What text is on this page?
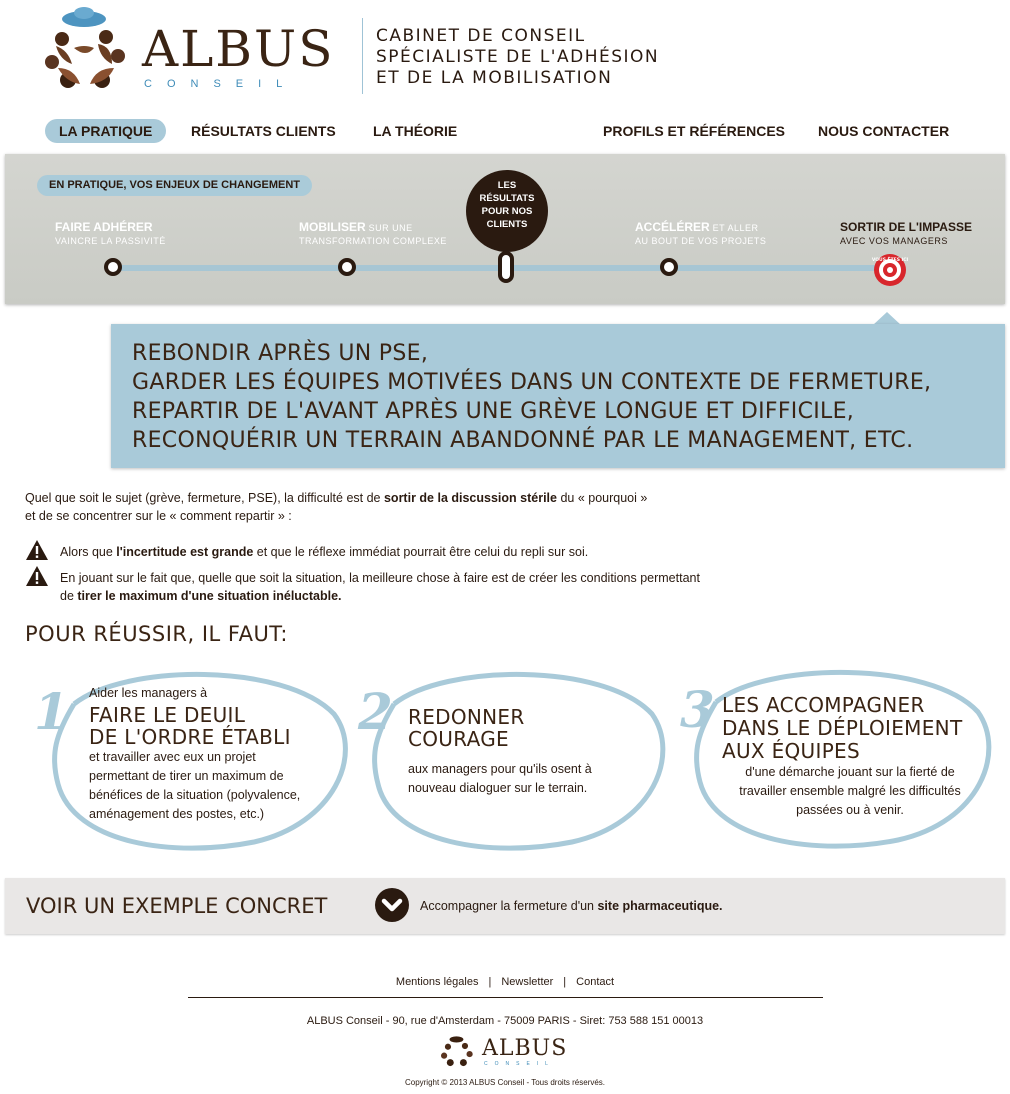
ALBUS
CONSEIL
CABINET DE CONSEIL
SPÉCIALISTE DE L'ADHÉSION
ET DE LA MOBILISATION
LA PRATIQUE	RÉSULTATS CLIENTS	LA THÉORIE	PROFILS ET RÉFÉRENCES NOUS CONTACTER
EN PRATIQUE, VOS ENJEUX DE CHANGEMENT
FAIRE ADHÉRER
VAINCRE LA PASSIVITÉ
MOBILISER SUR UNE
TRANSFORMATION COMPLEXE
LES
RÉSULTATS
POUR NOS
CLIENTS	ACCÉLÉRER ET ALLER
AU BOUT DE VOS PROJETS
SORTIR DE L'IMPASSE
AVEC VOS MANAGERS
VOUS ÊTES ICI
REBONDIR APRÈS UN PSE,
GARDER LES ÉQUIPES MOTIVÉES DANS UN CONTEXTE DE FERMETURE,
REPARTIR DE L'AVANT APRÈS UNE GRÈVE LONGUE ET DIFFICILE,
RECONQUÉRIR UN TERRAIN ABANDONNÉ PAR LE MANAGEMENT, ETC.
Quel que soit le sujet (grève, fermeture, PSE), la difficulté est de sortir de la discussion stérile du « pourquoi »
et de se concentrer sur le « comment repartir » :
Alors que l'incertitude est grande et que le réflexe immédiat pourrait être celui du repli sur soi.
En jouant sur le fait que, quelle que soit la situation, la meilleure chose à faire est de créer les conditions permettant de tirer le maximum d'une situation inéluctable.
POUR RÉUSSIR, IL FAUT:
1 Aider les managers à
FAIRE LE DEUIL
DE L'ORDRE ÉTABLI
et travailler avec eux un projet
permettant de tirer un maximum de
bénéfices de la situation (polyvalence,
aménagement des postes, etc.)
2 REDONNER
COURAGE
aux managers pour qu'ils osent à
nouveau dialoguer sur le terrain.
3 LES ACCOMPAGNER
DANS LE DÉPLOIEMENT
AUX ÉQUIPES
d'une démarche jouant sur la fierté de
travailler ensemble malgré les difficultés
passées ou à venir.
VOIR UN EXEMPLE CONCRET	Accompagner la fermeture d'un site pharmaceutique.
Mentions légales | Newsletter | Contact
ALBUS Conseil - 90, rue d'Amsterdam - 75009 PARIS - Siret: 753 588 151 00013
ALBUS
CONSEIL
Copyright © 2013 ALBUS Conseil - Tous droits réservés.
